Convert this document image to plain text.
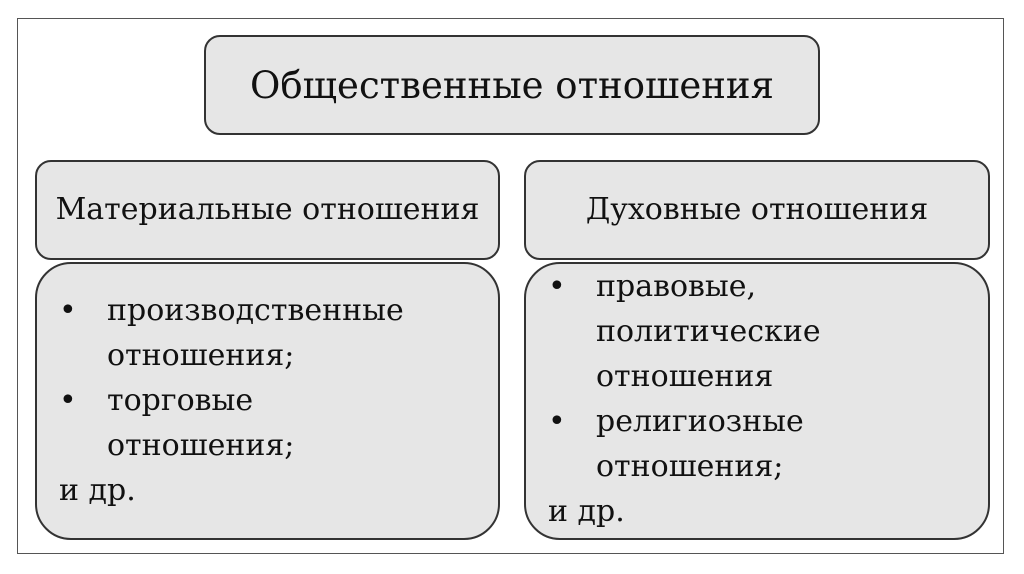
Общественные отношения
Материальные отношения	Духовные отношения
• производственные
отношения;
• торговые
отношения;
и др.
• правовые,
политические
отношения
• религиозные
отношения;
и др.
